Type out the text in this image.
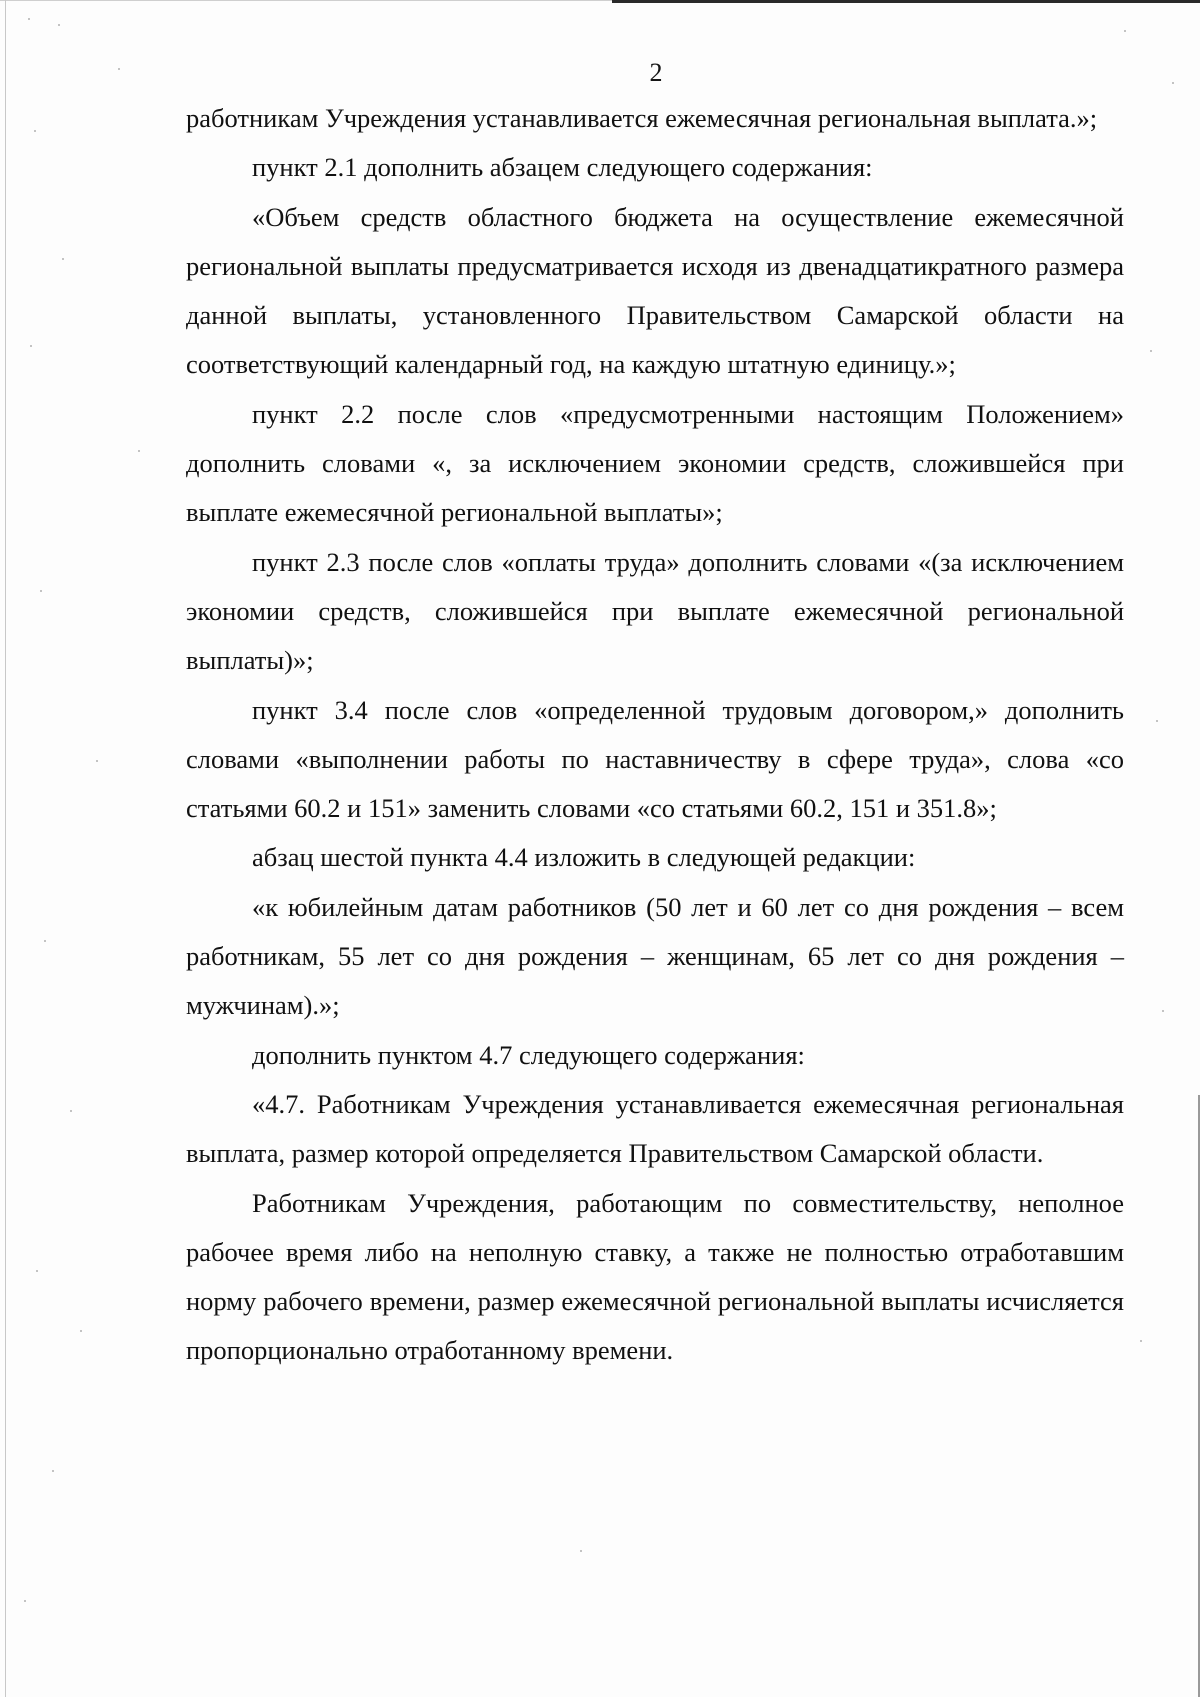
2

работникам Учреждения устанавливается ежемесячная региональная выплата.»;

пункт 2.1 дополнить абзацем следующего содержания:

«Объем средств областного бюджета на осуществление ежемесячной региональной выплаты предусматривается исходя из двенадцатикратного размера данной выплаты, установленного Правительством Самарской области на соответствующий календарный год, на каждую штатную единицу.»;

пункт 2.2 после слов «предусмотренными настоящим Положением» дополнить словами «, за исключением экономии средств, сложившейся при выплате ежемесячной региональной выплаты»;

пункт 2.3 после слов «оплаты труда» дополнить словами «(за исключением экономии средств, сложившейся при выплате ежемесячной региональной выплаты)»;

пункт 3.4 после слов «определенной трудовым договором,» дополнить словами «выполнении работы по наставничеству в сфере труда», слова «со статьями 60.2 и 151» заменить словами «со статьями 60.2, 151 и 351.8»;

абзац шестой пункта 4.4 изложить в следующей редакции:

«к юбилейным датам работников (50 лет и 60 лет со дня рождения – всем работникам, 55 лет со дня рождения – женщинам, 65 лет со дня рождения – мужчинам).»;

дополнить пунктом 4.7 следующего содержания:

«4.7. Работникам Учреждения устанавливается ежемесячная региональная выплата, размер которой определяется Правительством Самарской области.

Работникам Учреждения, работающим по совместительству, неполное рабочее время либо на неполную ставку, а также не полностью отработавшим норму рабочего времени, размер ежемесячной региональной выплаты исчисляется пропорционально отработанному времени.
